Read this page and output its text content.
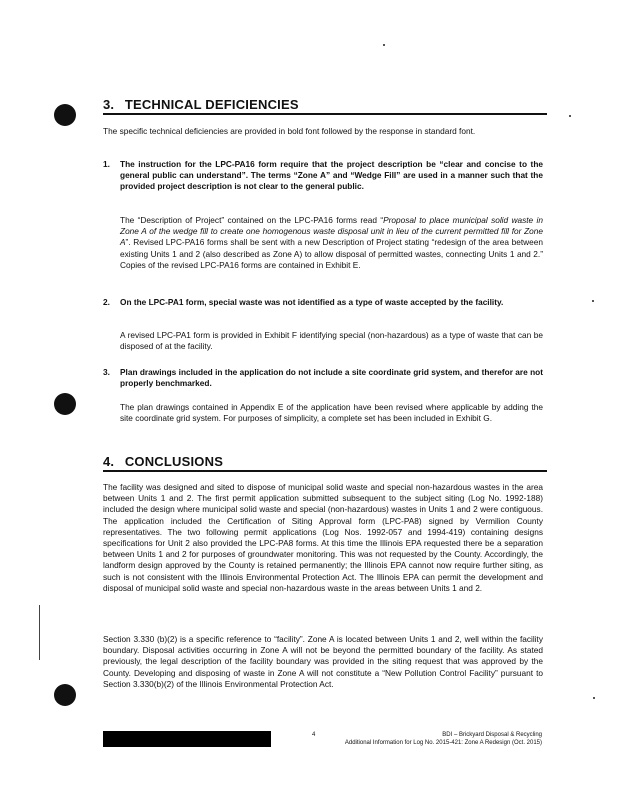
3. TECHNICAL DEFICIENCIES
The specific technical deficiencies are provided in bold font followed by the response in standard font.
1. The instruction for the LPC-PA16 form require that the project description be “clear and concise to the general public can understand”. The terms “Zone A” and “Wedge Fill” are used in a manner such that the provided project description is not clear to the general public.
The “Description of Project” contained on the LPC-PA16 forms read “Proposal to place municipal solid waste in Zone A of the wedge fill to create one homogenous waste disposal unit in lieu of the current permitted fill for Zone A”. Revised LPC-PA16 forms shall be sent with a new Description of Project stating “redesign of the area between existing Units 1 and 2 (also described as Zone A) to allow disposal of permitted wastes, connecting Units 1 and 2.” Copies of the revised LPC-PA16 forms are contained in Exhibit E.
2. On the LPC-PA1 form, special waste was not identified as a type of waste accepted by the facility.
A revised LPC-PA1 form is provided in Exhibit F identifying special (non-hazardous) as a type of waste that can be disposed of at the facility.
3. Plan drawings included in the application do not include a site coordinate grid system, and therefor are not properly benchmarked.
The plan drawings contained in Appendix E of the application have been revised where applicable by adding the site coordinate grid system. For purposes of simplicity, a complete set has been included in Exhibit G.
4. CONCLUSIONS
The facility was designed and sited to dispose of municipal solid waste and special non-hazardous wastes in the area between Units 1 and 2. The first permit application submitted subsequent to the subject siting (Log No. 1992-188) included the design where municipal solid waste and special (non-hazardous) wastes in Units 1 and 2 were contiguous. The application included the Certification of Siting Approval form (LPC-PA8) signed by Vermilion County representatives. The two following permit applications (Log Nos. 1992-057 and 1994-419) containing designs specifications for Unit 2 also provided the LPC-PA8 forms. At this time the Illinois EPA requested there be a separation between Units 1 and 2 for purposes of groundwater monitoring. This was not requested by the County. Accordingly, the landform design approved by the County is retained permanently; the Illinois EPA cannot now require further siting, as such is not consistent with the Illinois Environmental Protection Act. The Illinois EPA can permit the development and disposal of municipal solid waste and special non-hazardous waste in the areas between Units 1 and 2.
Section 3.330 (b)(2) is a specific reference to “facility”. Zone A is located between Units 1 and 2, well within the facility boundary. Disposal activities occurring in Zone A will not be beyond the permitted boundary of the facility. As stated previously, the legal description of the facility boundary was provided in the siting request that was approved by the County. Developing and disposing of waste in Zone A will not constitute a “New Pollution Control Facility” pursuant to Section 3.330(b)(2) of the Illinois Environmental Protection Act.
4	BDI – Brickyard Disposal & Recycling
Additional Information for Log No. 2015-421: Zone A Redesign (Oct. 2015)
